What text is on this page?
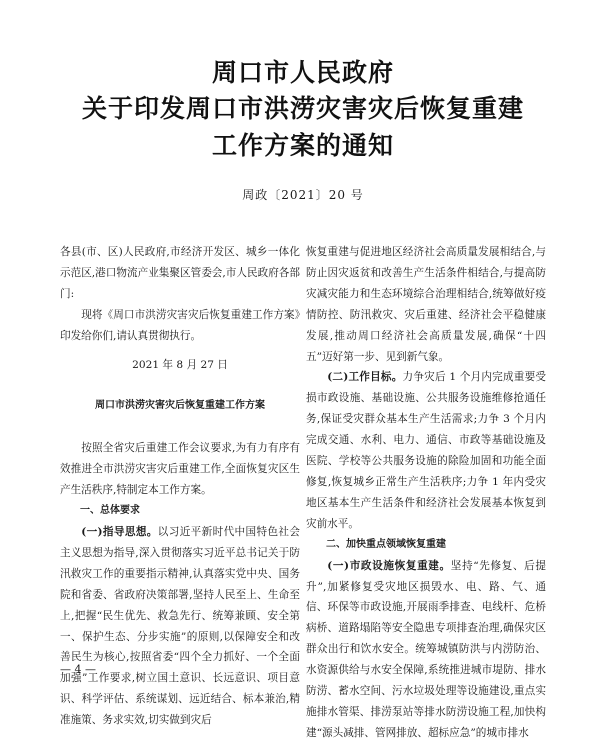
周口市人民政府
关于印发周口市洪涝灾害灾后恢复重建
工作方案的通知
周政〔2021〕20 号

各县(市、区)人民政府,市经济开发区、城乡一体化示范区,港口物流产业集聚区管委会,市人民政府各部门:

现将《周口市洪涝灾害灾后恢复重建工作方案》印发给你们,请认真贯彻执行。

2021 年 8 月 27 日

周口市洪涝灾害灾后恢复重建工作方案

按照全省灾后重建工作会议要求,为有力有序有效推进全市洪涝灾害灾后重建工作,全面恢复灾区生产生活秩序,特制定本工作方案。

一、总体要求

(一)指导思想。以习近平新时代中国特色社会主义思想为指导,深入贯彻落实习近平总书记关于防汛救灾工作的重要指示精神,认真落实党中央、国务院和省委、省政府决策部署,坚持人民至上、生命至上,把握“民生优先、救急先行、统筹兼顾、安全第一、保护生态、分步实施”的原则,以保障安全和改善民生为核心,按照省委“四个全力抓好、一个全面加强”工作要求,树立国土意识、长远意识、项目意识、科学评估、系统谋划、远近结合、标本兼治,精准施策、务求实效,切实做到灾后

恢复重建与促进地区经济社会高质量发展相结合,与防止因灾返贫和改善生产生活条件相结合,与提高防灾减灾能力和生态环境综合治理相结合,统筹做好疫情防控、防汛救灾、灾后重建、经济社会平稳健康发展,推动周口经济社会高质量发展,确保“十四五”迈好第一步、见到新气象。

(二)工作目标。力争灾后 1 个月内完成重要受损市政设施、基础设施、公共服务设施维修抢通任务,保证受灾群众基本生产生活需求;力争 3 个月内完成交通、水利、电力、通信、市政等基础设施及医院、学校等公共服务设施的除险加固和功能全面修复,恢复城乡正常生产生活秩序;力争 1 年内受灾地区基本生产生活条件和经济社会发展基本恢复到灾前水平。

二、加快重点领域恢复重建

(一)市政设施恢复重建。坚持“先修复、后提升”,加紧修复受灾地区损毁水、电、路、气、通信、环保等市政设施,开展雨季排查、电线杆、危桥病桥、道路塌陷等安全隐患专项排查治理,确保灾区群众出行和饮水安全。统筹城镇防洪与内涝防治、水资源供给与水安全保障,系统推进城市堤防、排水防涝、蓄水空间、污水垃圾处理等设施建设,重点实施排水管渠、排涝泵站等排水防涝设施工程,加快构建“源头减排、管网排放、超标应急”的城市排水

— 4 —
